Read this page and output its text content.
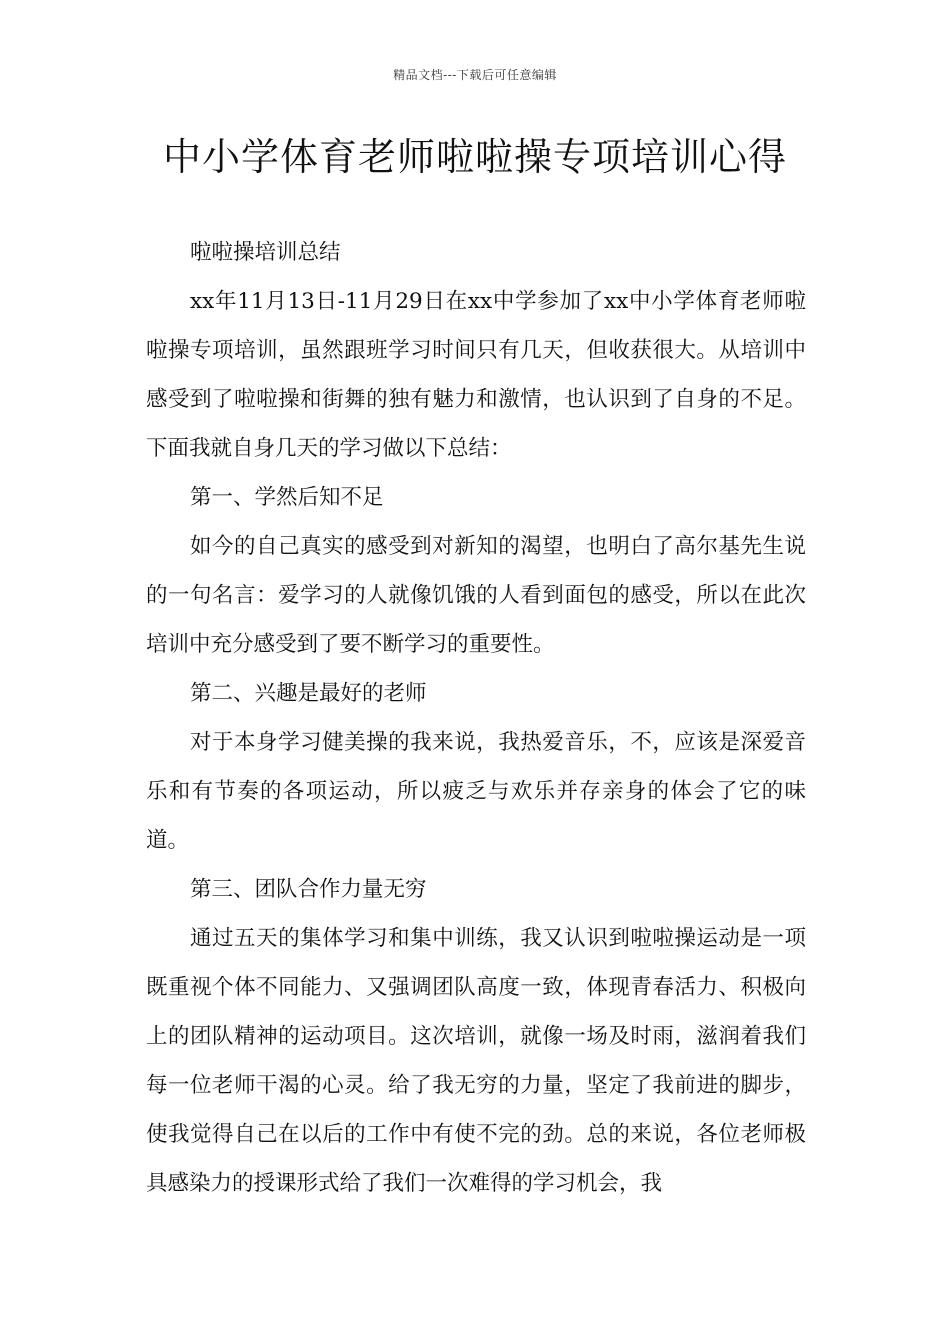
精品文档---下载后可任意编辑
中小学体育老师啦啦操专项培训心得

啦啦操培训总结

xx年11月13日-11月29日在xx中学参加了xx中小学体育老师啦啦操专项培训，虽然跟班学习时间只有几天，但收获很大。从培训中感受到了啦啦操和街舞的独有魅力和激情，也认识到了自身的不足。下面我就自身几天的学习做以下总结：

第一、学然后知不足

如今的自己真实的感受到对新知的渴望，也明白了高尔基先生说的一句名言：爱学习的人就像饥饿的人看到面包的感受，所以在此次培训中充分感受到了要不断学习的重要性。

第二、兴趣是最好的老师

对于本身学习健美操的我来说，我热爱音乐，不，应该是深爱音乐和有节奏的各项运动，所以疲乏与欢乐并存亲身的体会了它的味道。

第三、团队合作力量无穷

通过五天的集体学习和集中训练，我又认识到啦啦操运动是一项既重视个体不同能力、又强调团队高度一致，体现青春活力、积极向上的团队精神的运动项目。这次培训，就像一场及时雨，滋润着我们每一位老师干渴的心灵。给了我无穷的力量，坚定了我前进的脚步，使我觉得自己在以后的工作中有使不完的劲。总的来说，各位老师极具感染力的授课形式给了我们一次难得的学习机会，我
